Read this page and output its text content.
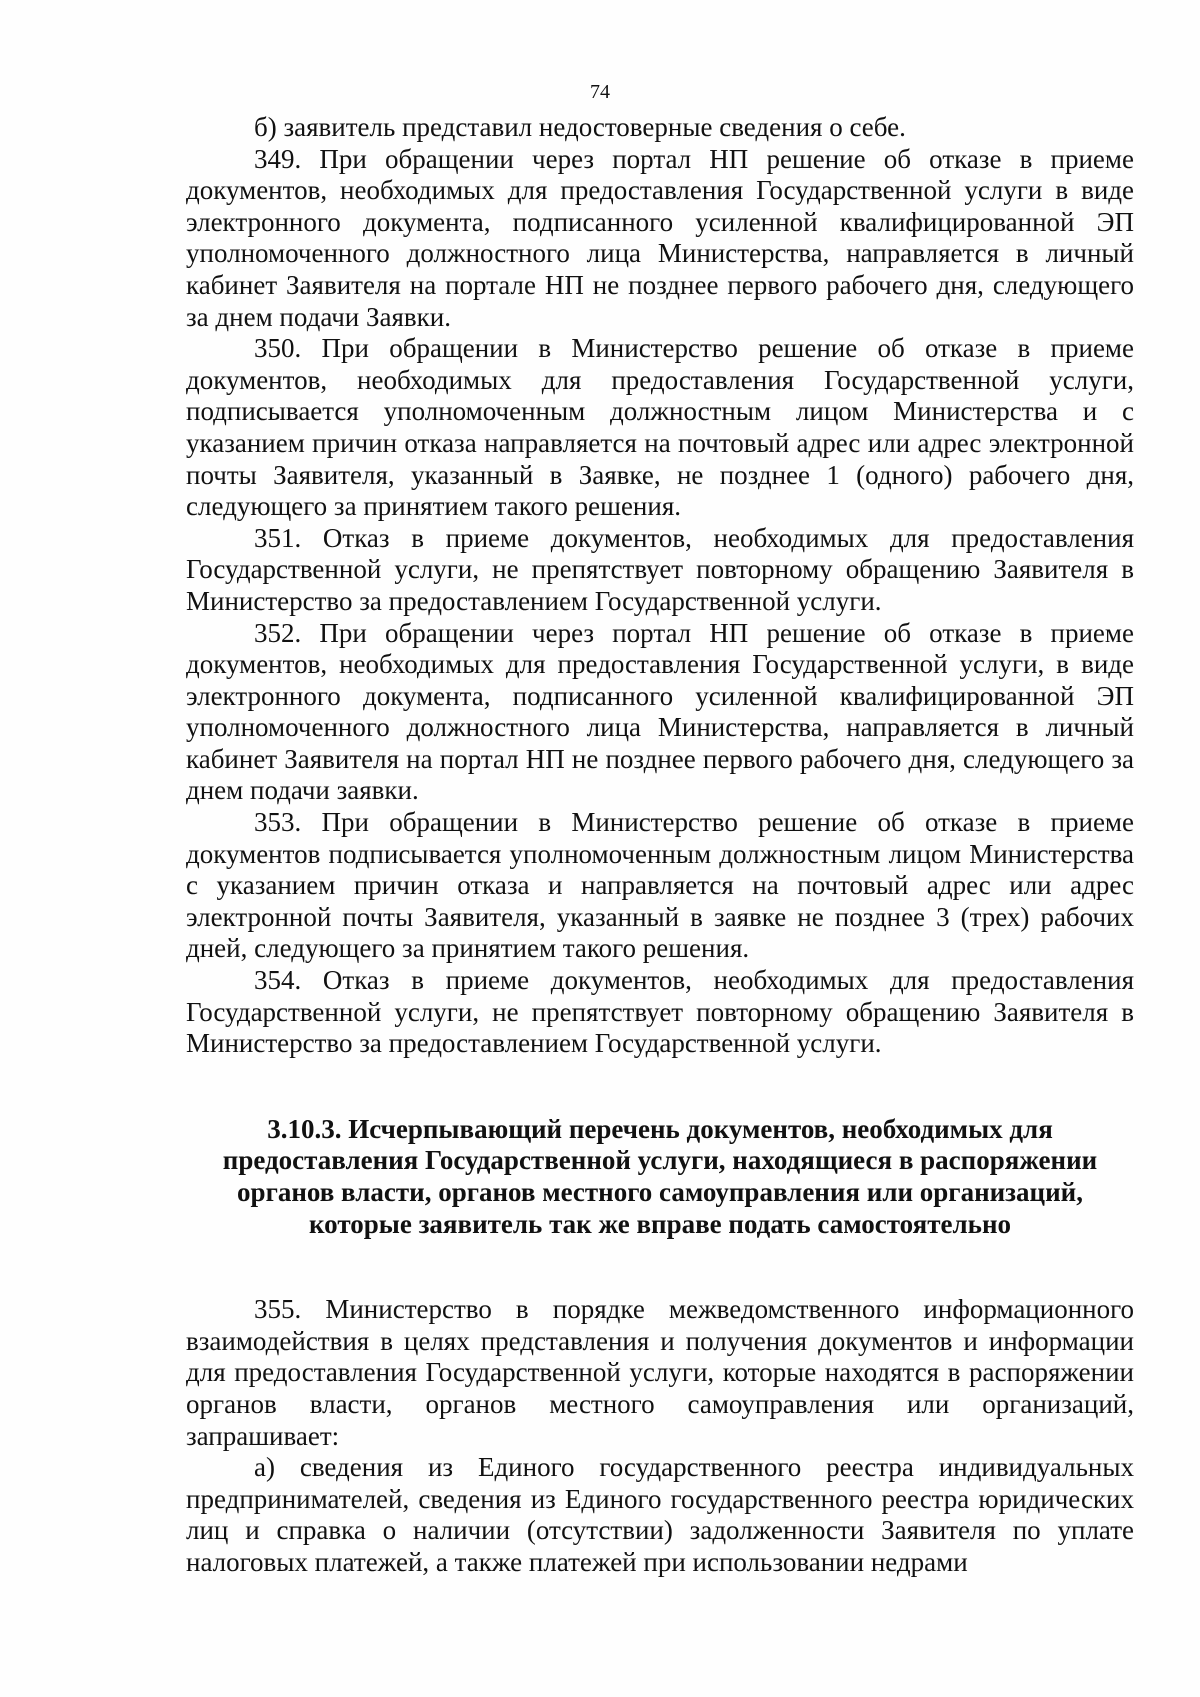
74

б) заявитель представил недостоверные сведения о себе.

349. При обращении через портал НП решение об отказе в приеме документов, необходимых для предоставления Государственной услуги в виде электронного документа, подписанного усиленной квалифицированной ЭП уполномоченного должностного лица Министерства, направляется в личный кабинет Заявителя на портале НП не позднее первого рабочего дня, следующего за днем подачи Заявки.

350. При обращении в Министерство решение об отказе в приеме документов, необходимых для предоставления Государственной услуги, подписывается уполномоченным должностным лицом Министерства и с указанием причин отказа направляется на почтовый адрес или адрес электронной почты Заявителя, указанный в Заявке, не позднее 1 (одного) рабочего дня, следующего за принятием такого решения.

351. Отказ в приеме документов, необходимых для предоставления Государственной услуги, не препятствует повторному обращению Заявителя в Министерство за предоставлением Государственной услуги.

352. При обращении через портал НП решение об отказе в приеме документов, необходимых для предоставления Государственной услуги, в виде электронного документа, подписанного усиленной квалифицированной ЭП уполномоченного должностного лица Министерства, направляется в личный кабинет Заявителя на портал НП не позднее первого рабочего дня, следующего за днем подачи заявки.

353. При обращении в Министерство решение об отказе в приеме документов подписывается уполномоченным должностным лицом Министерства с указанием причин отказа и направляется на почтовый адрес или адрес электронной почты Заявителя, указанный в заявке не позднее 3 (трех) рабочих дней, следующего за принятием такого решения.

354. Отказ в приеме документов, необходимых для предоставления Государственной услуги, не препятствует повторному обращению Заявителя в Министерство за предоставлением Государственной услуги.

3.10.3. Исчерпывающий перечень документов, необходимых для
предоставления Государственной услуги, находящиеся в распоряжении
органов власти, органов местного самоуправления или организаций,
которые заявитель так же вправе подать самостоятельно

355. Министерство в порядке межведомственного информационного взаимодействия в целях представления и получения документов и информации для предоставления Государственной услуги, которые находятся в распоряжении органов власти, органов местного самоуправления или организаций, запрашивает:

а) сведения из Единого государственного реестра индивидуальных предпринимателей, сведения из Единого государственного реестра юридических лиц и справка о наличии (отсутствии) задолженности Заявителя по уплате налоговых платежей, а также платежей при использовании недрами
